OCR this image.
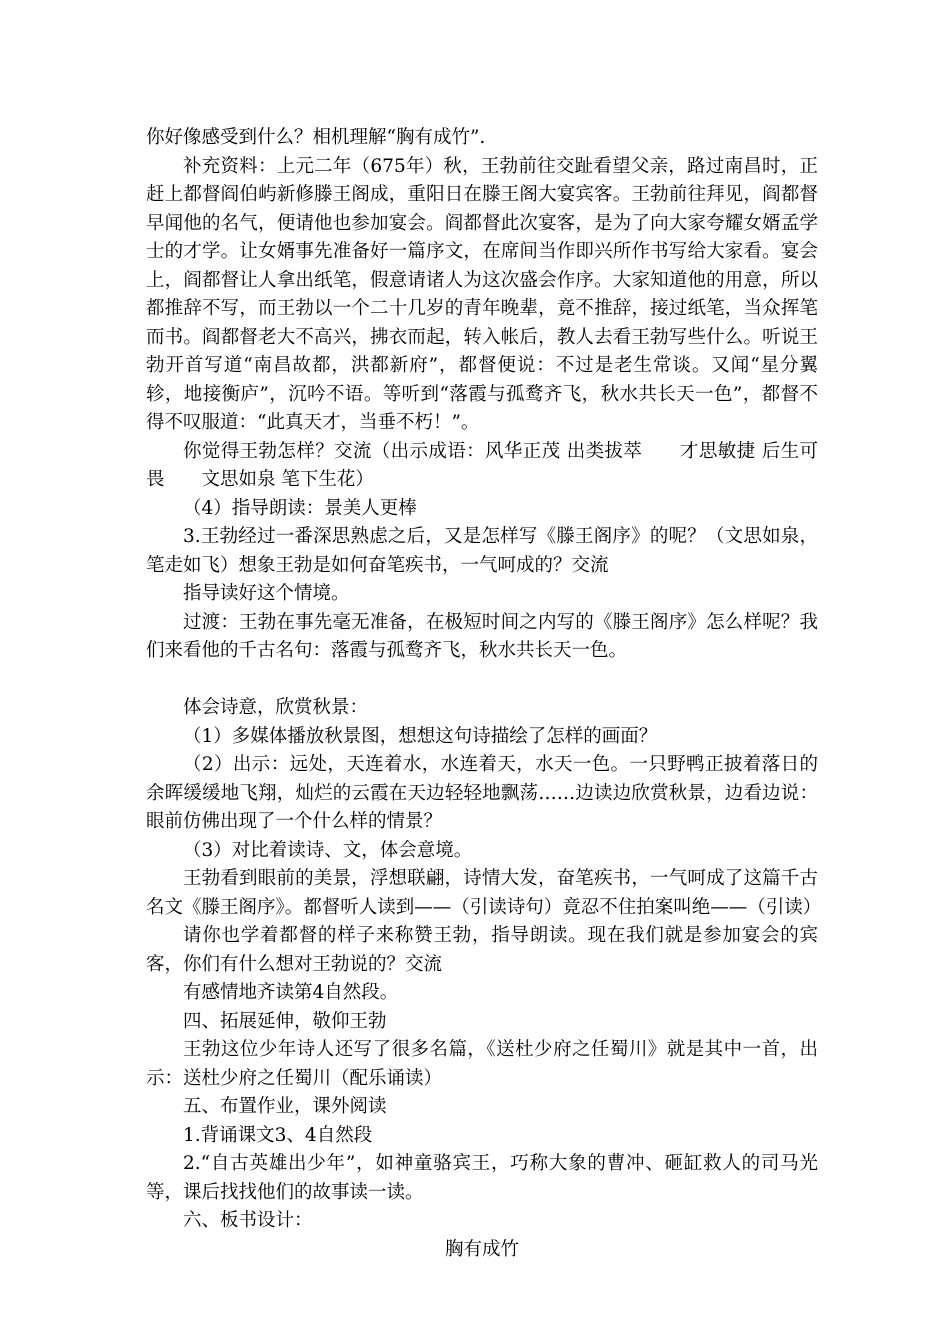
你好像感受到什么？相机理解“胸有成竹”.

补充资料：上元二年（675年）秋，王勃前往交趾看望父亲，路过南昌时，正赶上都督阎伯屿新修滕王阁成，重阳日在滕王阁大宴宾客。王勃前往拜见，阎都督早闻他的名气，便请他也参加宴会。阎都督此次宴客，是为了向大家夸耀女婿孟学士的才学。让女婿事先准备好一篇序文，在席间当作即兴所作书写给大家看。宴会上，阎都督让人拿出纸笔，假意请诸人为这次盛会作序。大家知道他的用意，所以都推辞不写，而王勃以一个二十几岁的青年晚辈，竟不推辞，接过纸笔，当众挥笔而书。阎都督老大不高兴，拂衣而起，转入帐后，教人去看王勃写些什么。听说王勃开首写道“南昌故都，洪都新府”，都督便说：不过是老生常谈。又闻“星分翼轸，地接衡庐”，沉吟不语。等听到“落霞与孤鹜齐飞，秋水共长天一色”，都督不得不叹服道：“此真天才，当垂不朽！”。

你觉得王勃怎样？交流（出示成语：风华正茂 出类拔萃　　才思敏捷 后生可畏　　文思如泉 笔下生花）

（4）指导朗读：景美人更棒

3.王勃经过一番深思熟虑之后，又是怎样写《滕王阁序》的呢？（文思如泉，笔走如飞）想象王勃是如何奋笔疾书，一气呵成的？交流

指导读好这个情境。

过渡：王勃在事先毫无准备，在极短时间之内写的《滕王阁序》怎么样呢？我们来看他的千古名句：落霞与孤鹜齐飞，秋水共长天一色。

体会诗意，欣赏秋景：

（1）多媒体播放秋景图，想想这句诗描绘了怎样的画面？

（2）出示：远处，天连着水，水连着天，水天一色。一只野鸭正披着落日的余晖缓缓地飞翔，灿烂的云霞在天边轻轻地飘荡……边读边欣赏秋景，边看边说：眼前仿佛出现了一个什么样的情景？

（3）对比着读诗、文，体会意境。

王勃看到眼前的美景，浮想联翩，诗情大发，奋笔疾书，一气呵成了这篇千古名文《滕王阁序》。都督听人读到——（引读诗句）竟忍不住拍案叫绝——（引读）

请你也学着都督的样子来称赞王勃，指导朗读。现在我们就是参加宴会的宾客，你们有什么想对王勃说的？交流

有感情地齐读第4自然段。

四、拓展延伸，敬仰王勃

王勃这位少年诗人还写了很多名篇，《送杜少府之任蜀川》就是其中一首，出示：送杜少府之任蜀川（配乐诵读）

五、布置作业，课外阅读

1.背诵课文3、4自然段

2.“自古英雄出少年”，如神童骆宾王，巧称大象的曹冲、砸缸救人的司马光等，课后找找他们的故事读一读。

六、板书设计：

胸有成竹
